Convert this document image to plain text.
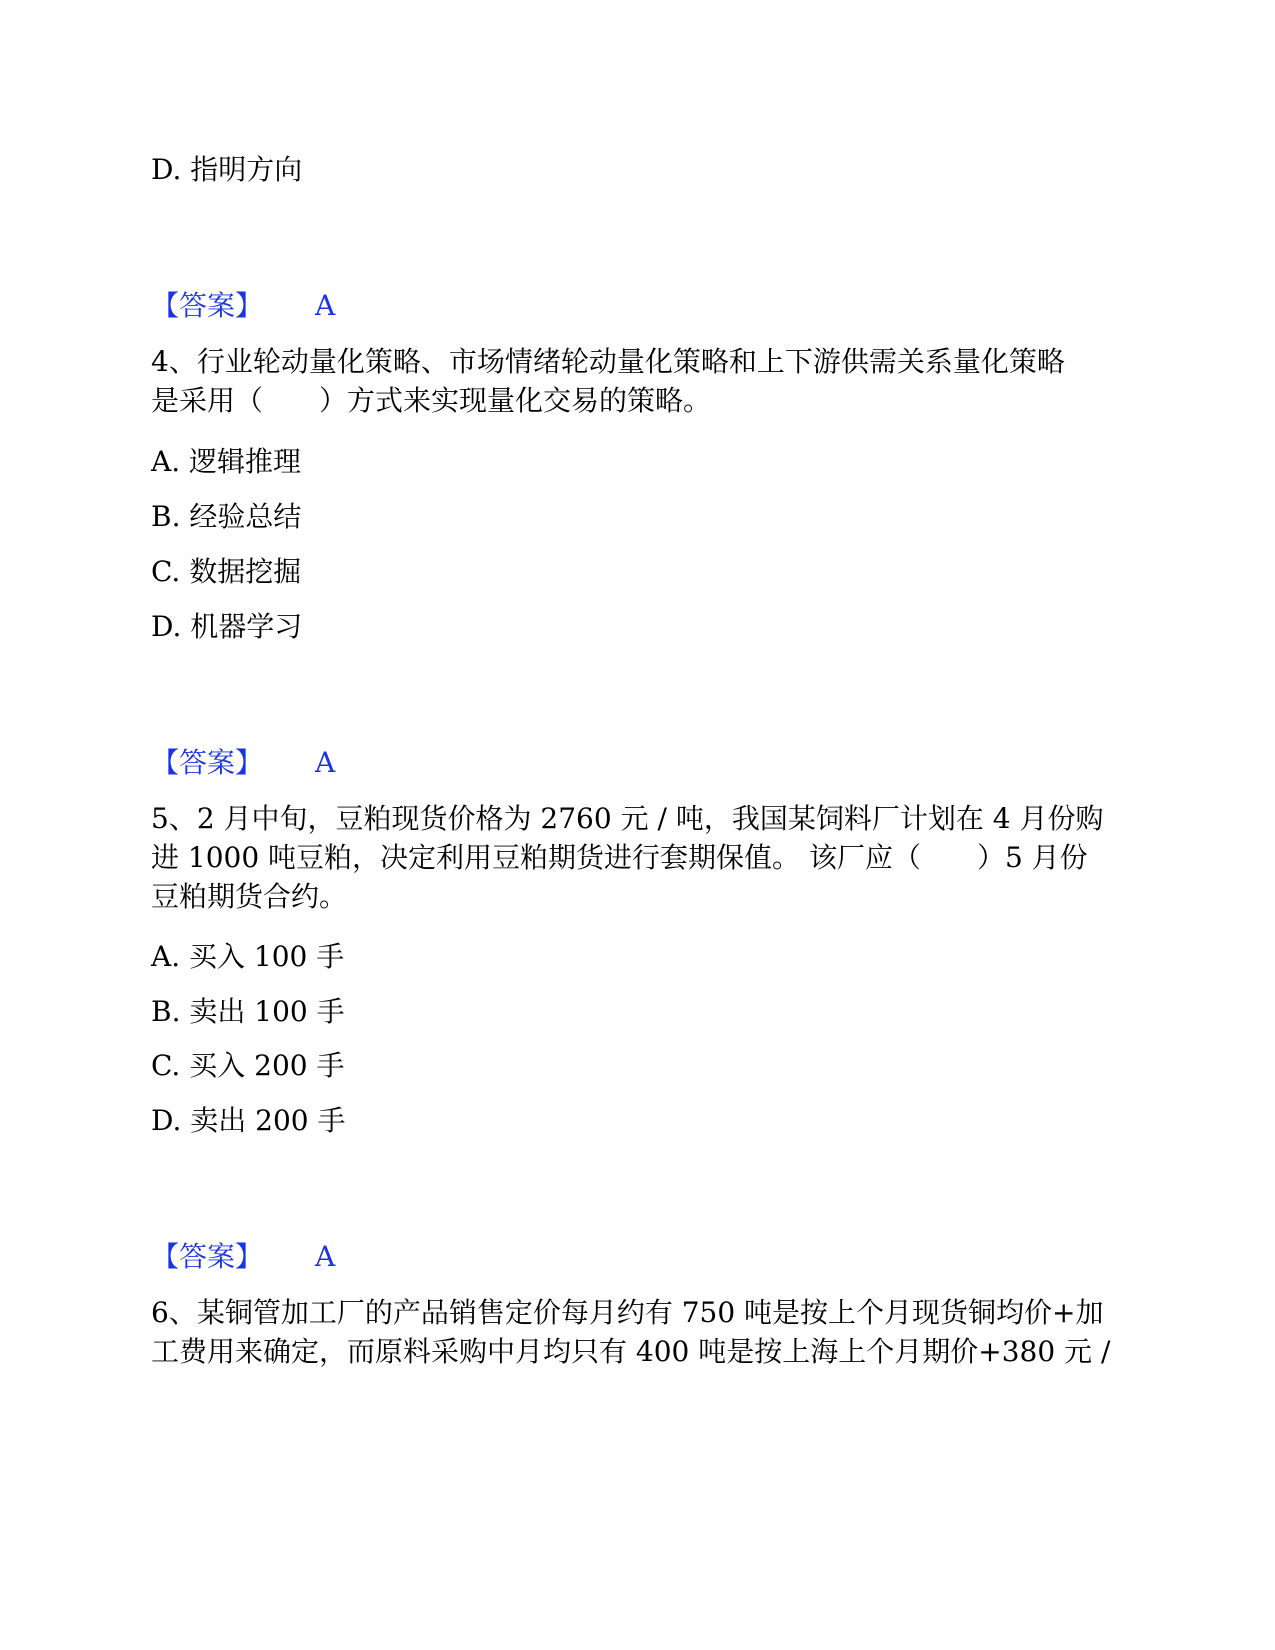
D. 指明方向
【答案】 A
4、行业轮动量化策略、市场情绪轮动量化策略和上下游供需关系量化策略
是采用（　　）方式来实现量化交易的策略。
A. 逻辑推理
B. 经验总结
C. 数据挖掘
D. 机器学习
【答案】 A
5、2 月中旬，豆粕现货价格为 2760 元 / 吨，我国某饲料厂计划在 4 月份购
进 1000 吨豆粕，决定利用豆粕期货进行套期保值。 该厂应（　　）5 月份
豆粕期货合约。
A. 买入 100 手
B. 卖出 100 手
C. 买入 200 手
D. 卖出 200 手
【答案】 A
6、某铜管加工厂的产品销售定价每月约有 750 吨是按上个月现货铜均价+加
工费用来确定，而原料采购中月均只有 400 吨是按上海上个月期价+380 元 /
